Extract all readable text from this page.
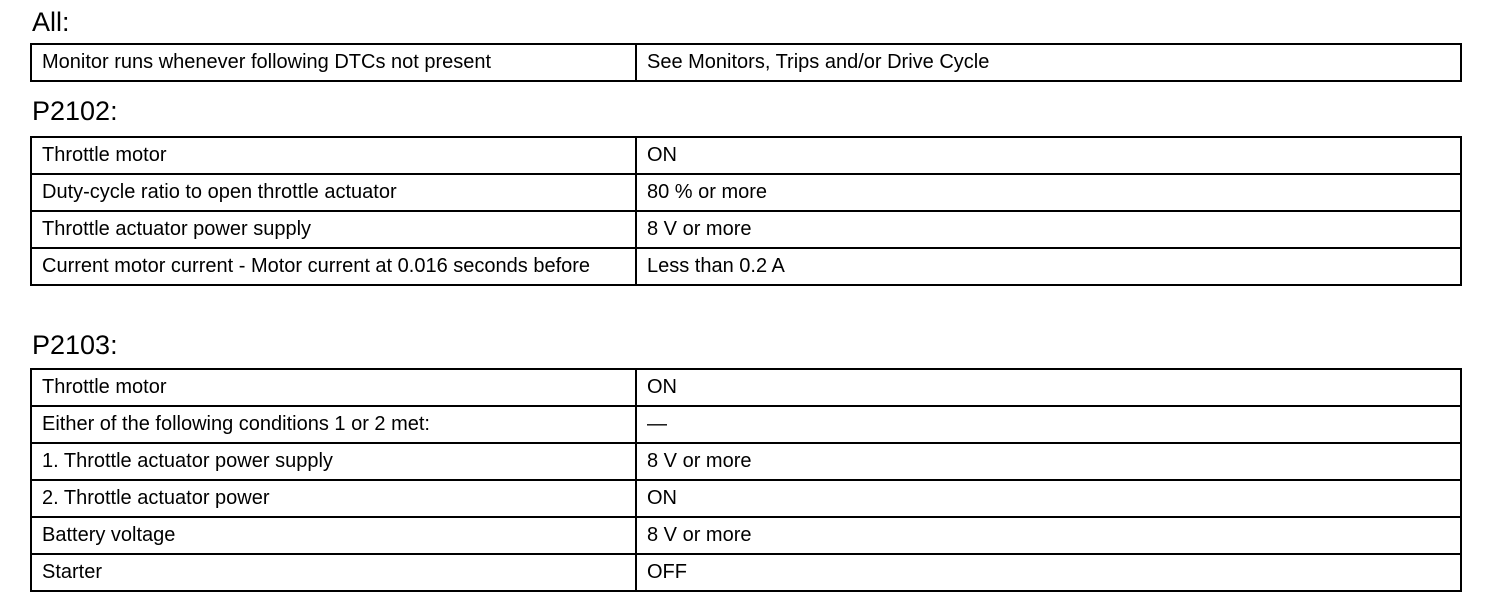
All:
Monitor runs whenever following DTCs not present	See Monitors, Trips and/or Drive Cycle
P2102:
Throttle motor	ON
Duty-cycle ratio to open throttle actuator	80 % or more
Throttle actuator power supply	8 V or more
Current motor current - Motor current at 0.016 seconds before	Less than 0.2 A
P2103:
Throttle motor	ON
Either of the following conditions 1 or 2 met:	—
1. Throttle actuator power supply	8 V or more
2. Throttle actuator power	ON
Battery voltage	8 V or more
Starter	OFF
